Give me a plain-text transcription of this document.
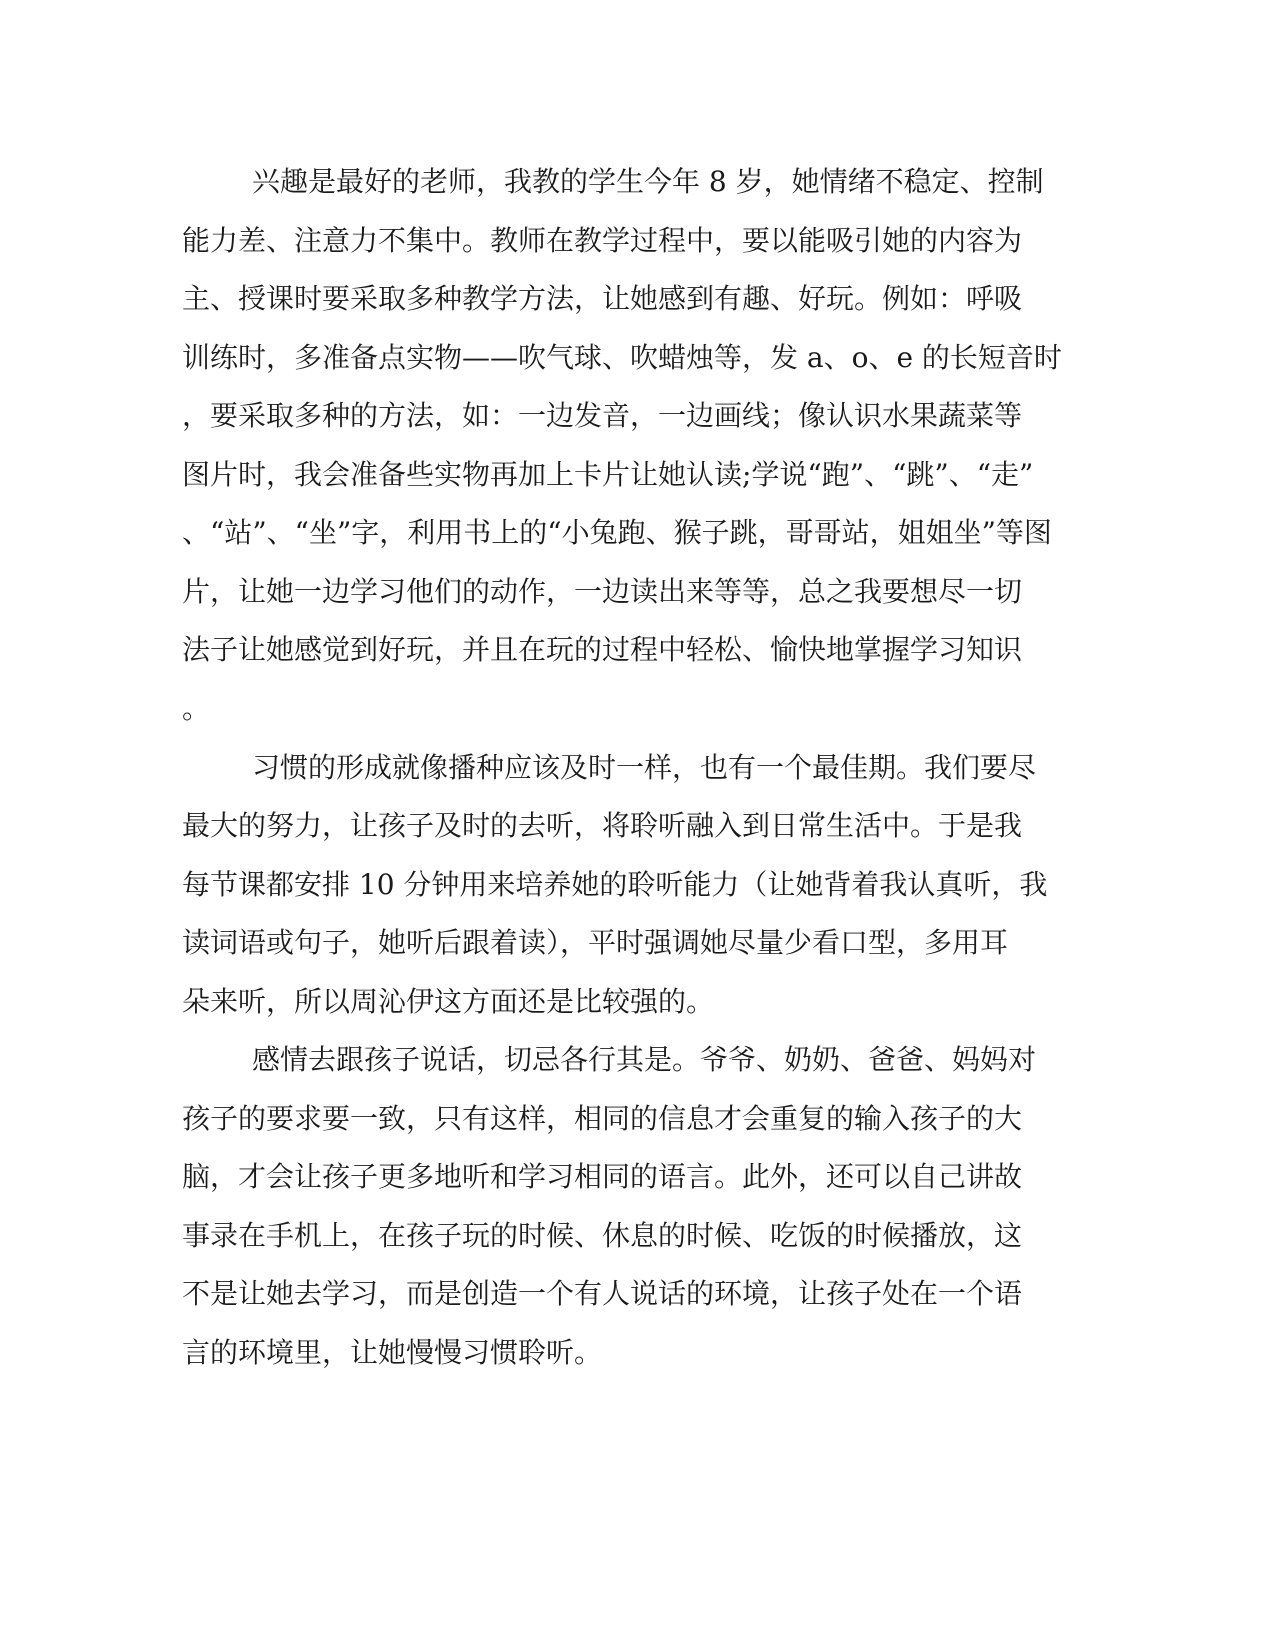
兴趣是最好的老师，我教的学生今年 8 岁，她情绪不稳定、控制

能力差、注意力不集中。教师在教学过程中，要以能吸引她的内容为

主、授课时要采取多种教学方法，让她感到有趣、好玩。例如：呼吸

训练时，多准备点实物——吹气球、吹蜡烛等，发 a、o、e 的长短音时

，要采取多种的方法，如：一边发音，一边画线；像认识水果蔬菜等

图片时，我会准备些实物再加上卡片让她认读;学说“跑”、“跳”、“走”

、“站”、“坐”字，利用书上的“小兔跑、猴子跳，哥哥站，姐姐坐”等图

片，让她一边学习他们的动作，一边读出来等等，总之我要想尽一切

法子让她感觉到好玩，并且在玩的过程中轻松、愉快地掌握学习知识

。

习惯的形成就像播种应该及时一样，也有一个最佳期。我们要尽

最大的努力，让孩子及时的去听，将聆听融入到日常生活中。于是我

每节课都安排 10 分钟用来培养她的聆听能力（让她背着我认真听，我

读词语或句子，她听后跟着读），平时强调她尽量少看口型，多用耳

朵来听，所以周沁伊这方面还是比较强的。

感情去跟孩子说话，切忌各行其是。爷爷、奶奶、爸爸、妈妈对

孩子的要求要一致，只有这样，相同的信息才会重复的输入孩子的大

脑，才会让孩子更多地听和学习相同的语言。此外，还可以自己讲故

事录在手机上，在孩子玩的时候、休息的时候、吃饭的时候播放，这

不是让她去学习，而是创造一个有人说话的环境，让孩子处在一个语

言的环境里，让她慢慢习惯聆听。
